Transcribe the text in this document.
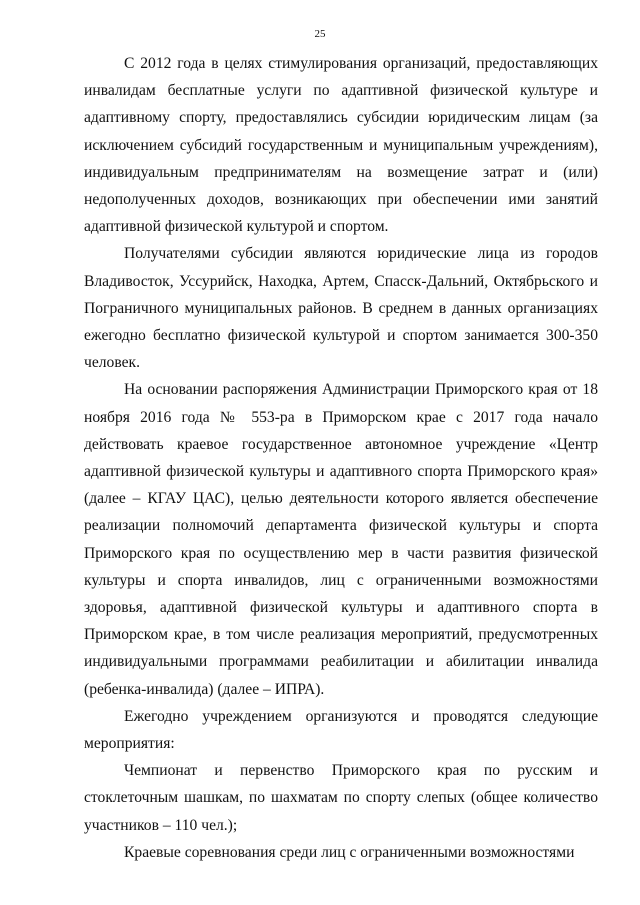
25

С 2012 года в целях стимулирования организаций, предоставляющих инвалидам бесплатные услуги по адаптивной физической культуре и адаптивному спорту, предоставлялись субсидии юридическим лицам (за исключением субсидий государственным и муниципальным учреждениям), индивидуальным предпринимателям на возмещение затрат и (или) недополученных доходов, возникающих при обеспечении ими занятий адаптивной физической культурой и спортом.

Получателями субсидии являются юридические лица из городов Владивосток, Уссурийск, Находка, Артем, Спасск-Дальний, Октябрьского и Пограничного муниципальных районов. В среднем в данных организациях ежегодно бесплатно физической культурой и спортом занимается 300-350 человек.

На основании распоряжения Администрации Приморского края от 18 ноября 2016 года № 553-ра в Приморском крае с 2017 года начало действовать краевое государственное автономное учреждение «Центр адаптивной физической культуры и адаптивного спорта Приморского края» (далее – КГАУ ЦАС), целью деятельности которого является обеспечение реализации полномочий департамента физической культуры и спорта Приморского края по осуществлению мер в части развития физической культуры и спорта инвалидов, лиц с ограниченными возможностями здоровья, адаптивной физической культуры и адаптивного спорта в Приморском крае, в том числе реализация мероприятий, предусмотренных индивидуальными программами реабилитации и абилитации инвалида (ребенка-инвалида) (далее – ИПРА).

Ежегодно учреждением организуются и проводятся следующие мероприятия:

Чемпионат и первенство Приморского края по русским и стоклеточным шашкам, по шахматам по спорту слепых (общее количество участников – 110 чел.);

Краевые соревнования среди лиц с ограниченными возможностями
